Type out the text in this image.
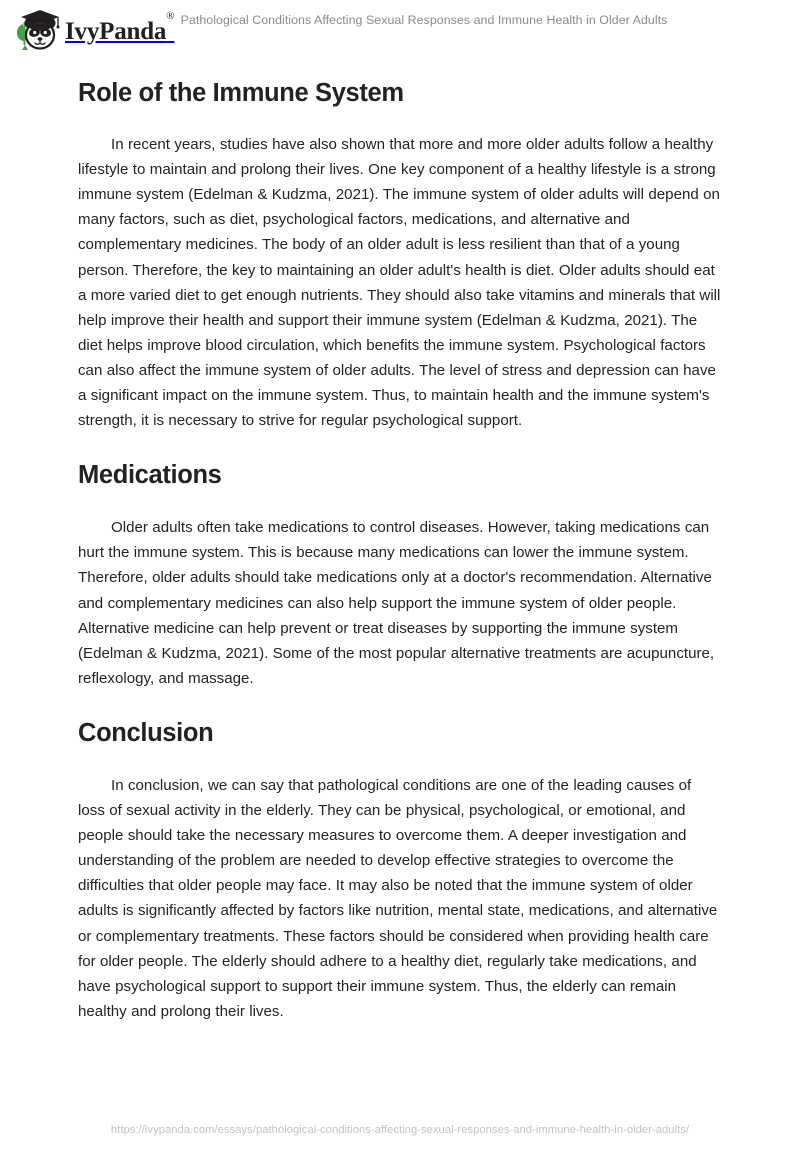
IvyPanda® Pathological Conditions Affecting Sexual Responses and Immune Health in Older Adults
Role of the Immune System

In recent years, studies have also shown that more and more older adults follow a healthy lifestyle to maintain and prolong their lives. One key component of a healthy lifestyle is a strong immune system (Edelman & Kudzma, 2021). The immune system of older adults will depend on many factors, such as diet, psychological factors, medications, and alternative and complementary medicines. The body of an older adult is less resilient than that of a young person. Therefore, the key to maintaining an older adult's health is diet. Older adults should eat a more varied diet to get enough nutrients. They should also take vitamins and minerals that will help improve their health and support their immune system (Edelman & Kudzma, 2021). The diet helps improve blood circulation, which benefits the immune system. Psychological factors can also affect the immune system of older adults. The level of stress and depression can have a significant impact on the immune system. Thus, to maintain health and the immune system's strength, it is necessary to strive for regular psychological support.

Medications

Older adults often take medications to control diseases. However, taking medications can hurt the immune system. This is because many medications can lower the immune system. Therefore, older adults should take medications only at a doctor's recommendation. Alternative and complementary medicines can also help support the immune system of older people. Alternative medicine can help prevent or treat diseases by supporting the immune system (Edelman & Kudzma, 2021). Some of the most popular alternative treatments are acupuncture, reflexology, and massage.

Conclusion

In conclusion, we can say that pathological conditions are one of the leading causes of loss of sexual activity in the elderly. They can be physical, psychological, or emotional, and people should take the necessary measures to overcome them. A deeper investigation and understanding of the problem are needed to develop effective strategies to overcome the difficulties that older people may face. It may also be noted that the immune system of older adults is significantly affected by factors like nutrition, mental state, medications, and alternative or complementary treatments. These factors should be considered when providing health care for older people. The elderly should adhere to a healthy diet, regularly take medications, and have psychological support to support their immune system. Thus, the elderly can remain healthy and prolong their lives.

https://ivypanda.com/essays/pathological-conditions-affecting-sexual-responses-and-immune-health-in-older-adults/
